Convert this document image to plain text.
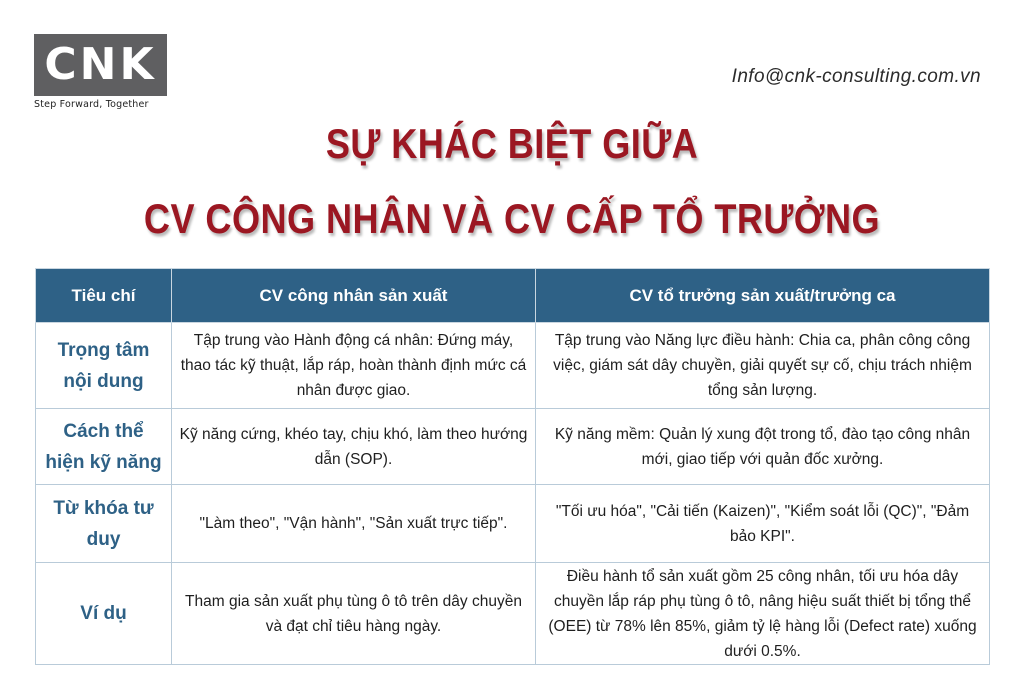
CNK
Step Forward, Together
Info@cnk-consulting.com.vn
SỰ KHÁC BIỆT GIỮA
CV CÔNG NHÂN VÀ CV CẤP TỔ TRƯỞNG
Tiêu chí	CV công nhân sản xuất	CV tổ trưởng sản xuất/trưởng ca
Trọng tâm nội dung	Tập trung vào Hành động cá nhân: Đứng máy, thao tác kỹ thuật, lắp ráp, hoàn thành định mức cá nhân được giao.	Tập trung vào Năng lực điều hành: Chia ca, phân công công việc, giám sát dây chuyền, giải quyết sự cố, chịu trách nhiệm tổng sản lượng.
Cách thể hiện kỹ năng	Kỹ năng cứng, khéo tay, chịu khó, làm theo hướng dẫn (SOP).	Kỹ năng mềm: Quản lý xung đột trong tổ, đào tạo công nhân mới, giao tiếp với quản đốc xưởng.
Từ khóa tư duy	"Làm theo", "Vận hành", "Sản xuất trực tiếp".	"Tối ưu hóa", "Cải tiến (Kaizen)", "Kiểm soát lỗi (QC)", "Đảm bảo KPI".
Ví dụ	Tham gia sản xuất phụ tùng ô tô trên dây chuyền và đạt chỉ tiêu hàng ngày.	Điều hành tổ sản xuất gồm 25 công nhân, tối ưu hóa dây chuyền lắp ráp phụ tùng ô tô, nâng hiệu suất thiết bị tổng thể (OEE) từ 78% lên 85%, giảm tỷ lệ hàng lỗi (Defect rate) xuống dưới 0.5%.
